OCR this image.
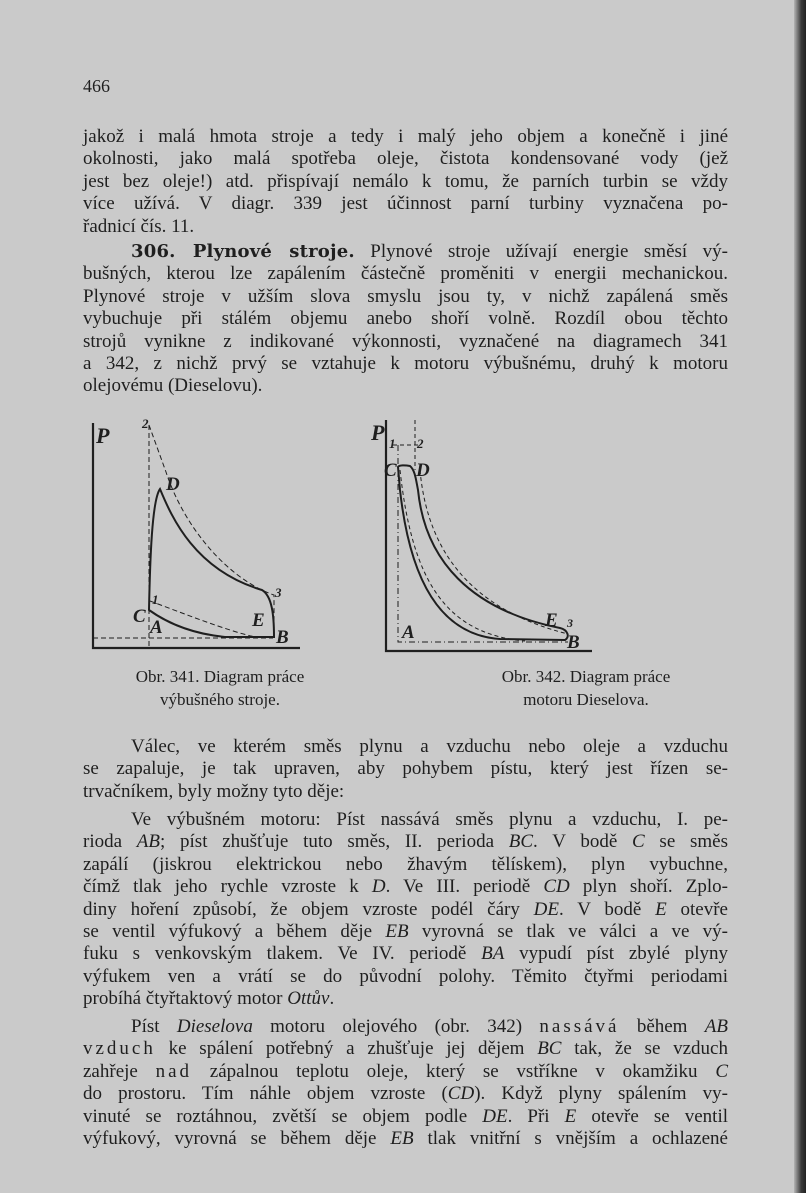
466
jakož i malá hmota stroje a tedy i malý jeho objem a konečně i jiné
okolnosti, jako malá spotřeba oleje, čistota kondensované vody (jež
jest bez oleje!) atd. přispívají nemálo k tomu, že parních turbin se vždy
více užívá. V diagr. 339 jest účinnost parní turbiny vyznačena po-
řadnicí čís. 11.
306. Plynové stroje. Plynové stroje užívají energie směsí vý-
bušných, kterou lze zapálením částečně proměniti v energii mechanickou.
Plynové stroje v užším slova smyslu jsou ty, v nichž zapálená směs
vybuchuje při stálém objemu anebo shoří volně. Rozdíl obou těchto
strojů vynikne z indikované výkonnosti, vyznačené na diagramech 341
a 342, z nichž prvý se vztahuje k motoru výbušnému, druhý k motoru
olejovému (Dieselovu).
Válec, ve kterém směs plynu a vzduchu nebo oleje a vzduchu
se zapaluje, je tak upraven, aby pohybem pístu, který jest řízen se-
trvačníkem, byly možny tyto děje:
Ve výbušném motoru: Píst nassává směs plynu a vzduchu, I. pe-
rioda AB; píst zhušťuje tuto směs, II. perioda BC. V bodě C se směs
zapálí (jiskrou elektrickou nebo žhavým tělískem), plyn vybuchne,
čímž tlak jeho rychle vzroste k D. Ve III. periodě CD plyn shoří. Zplo-
diny hoření způsobí, že objem vzroste podél čáry DE. V bodě E otevře
se ventil výfukový a během děje EB vyrovná se tlak ve válci a ve vý-
fuku s venkovským tlakem. Ve IV. periodě BA vypudí píst zbylé plyny
výfukem ven a vrátí se do původní polohy. Těmito čtyřmi periodami
probíhá čtyřtaktový motor Ottův.
Píst Dieselova motoru olejového (obr. 342) nassává během AB
vzduch ke spálení potřebný a zhušťuje jej dějem BC tak, že se vzduch
zahřeje nad zápalnou teplotu oleje, který se vstříkne v okamžiku C
do prostoru. Tím náhle objem vzroste (CD). Když plyny spálením vy-
vinuté se roztáhnou, zvětší se objem podle DE. Při E otevře se ventil
výfukový, vyrovná se během děje EB tlak vnitřní s vnějším a ochlazené
P	2
D
C
1
A	E
3
B
P 1 2
C D
A
E 3
B
Obr. 341. Diagram práce
výbušného stroje.
Obr. 342. Diagram práce
motoru Dieselova.
